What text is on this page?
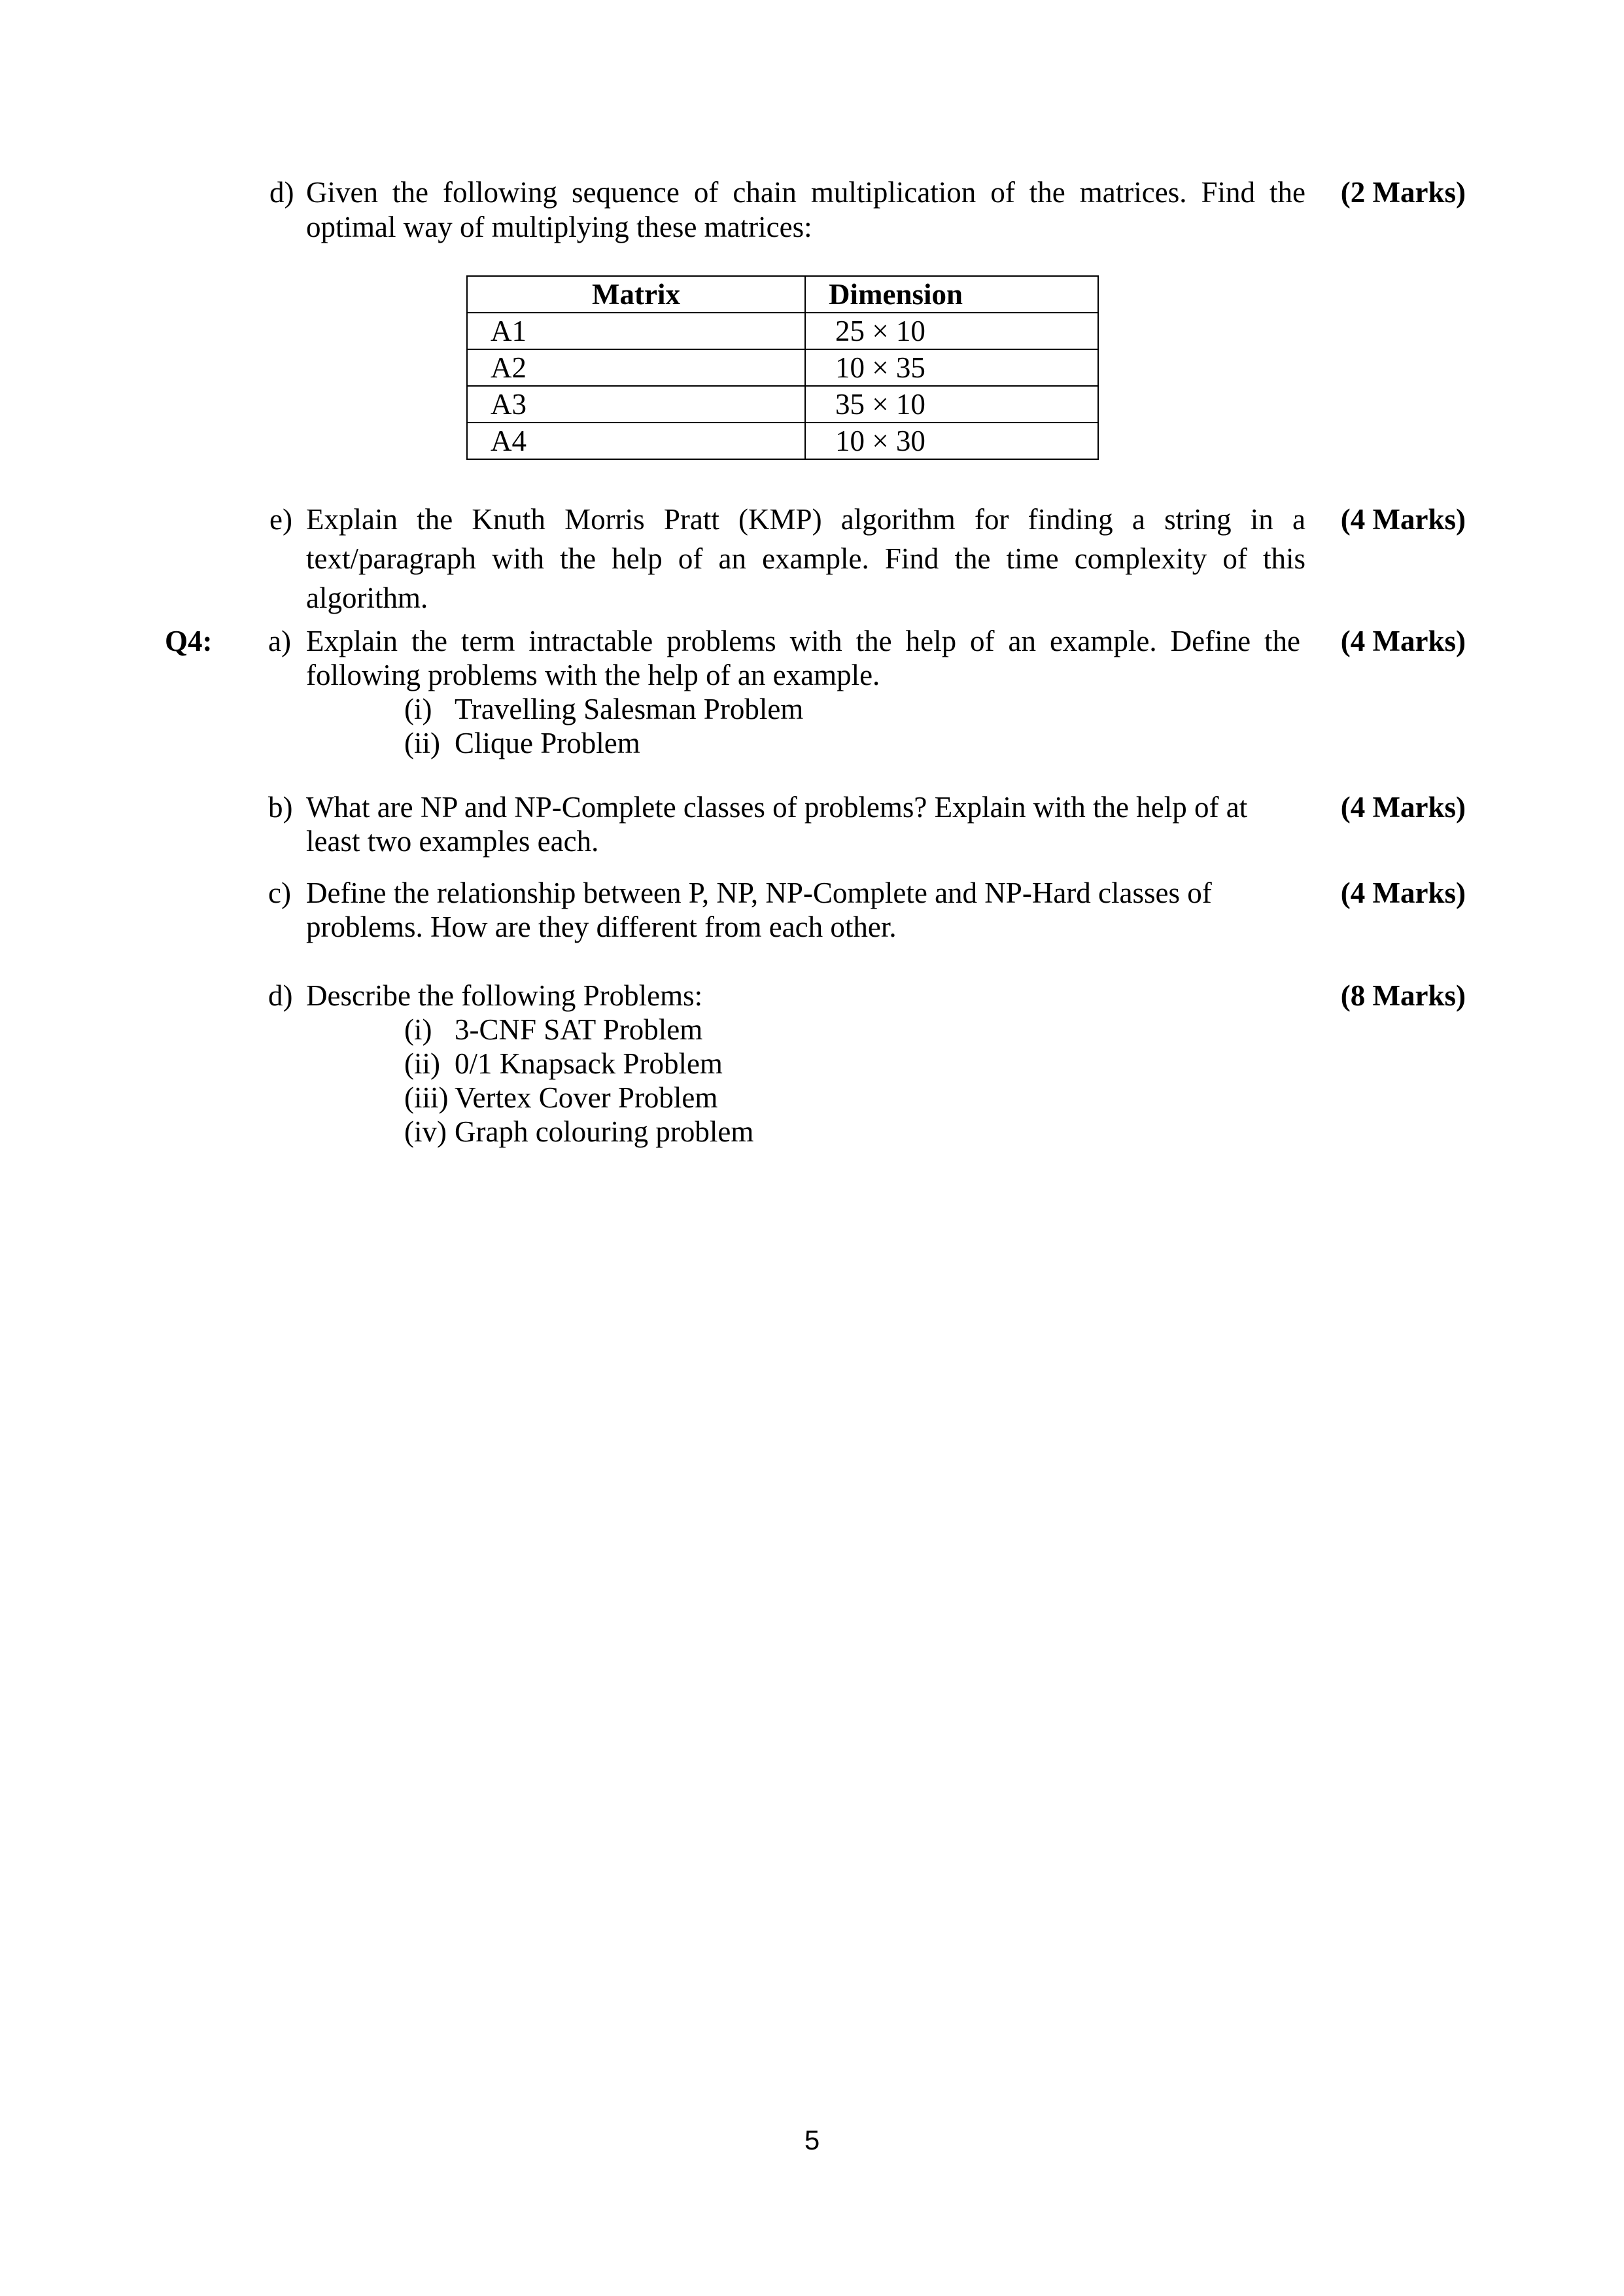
d) Given the following sequence of chain multiplication of the matrices. Find the
optimal way of multiplying these matrices:
(2 Marks)
Matrix	Dimension
A1	25 × 10
A2	10 × 35
A3	35 × 10
A4	10 × 30
e) Explain the Knuth Morris Pratt (KMP) algorithm for finding a string in a
text/paragraph with the help of an example. Find the time complexity of this
algorithm.
(4 Marks)
Q4: a) Explain the term intractable problems with the help of an example. Define the
following problems with the help of an example.
(i) Travelling Salesman Problem
(ii) Clique Problem
(4 Marks)
b) What are NP and NP-Complete classes of problems? Explain with the help of at
least two examples each.
(4 Marks)
c) Define the relationship between P, NP, NP-Complete and NP-Hard classes of
problems. How are they different from each other.
(4 Marks)
d) Describe the following Problems:
(i) 3-CNF SAT Problem
(ii) 0/1 Knapsack Problem
(iii) Vertex Cover Problem
(iv) Graph colouring problem
(8 Marks)
5
